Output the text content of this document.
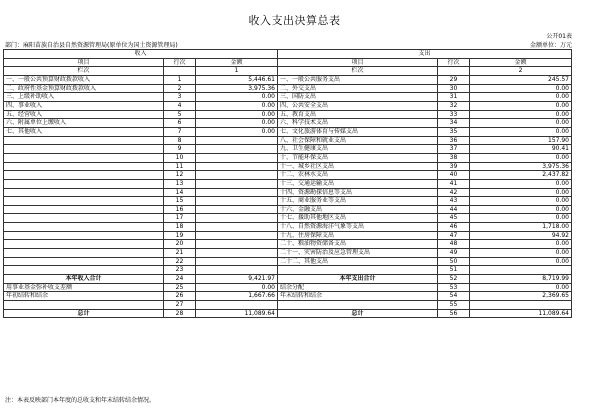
收入支出决算总表
公开01表
部门：麻阳苗族自治县自然资源管理局(原单位为国土资源管理局)	金额单位：万元
收入			支出		
项目	行次	金额	项目	行次	金额
栏次		1	栏次		2
一、一般公共预算财政拨款收入	1	5,446.61	一、一般公共服务支出	29	245.57
二、政府性基金预算财政拨款收入	2	3,975.36	二、外交支出	30	0.00
三、上级补助收入	3	0.00	三、国防支出	31	0.00
四、事业收入	4	0.00	四、公共安全支出	32	0.00
五、经营收入	5	0.00	五、教育支出	33	0.00
六、附属单位上缴收入	6	0.00	六、科学技术支出	34	0.00
七、其他收入	7	0.00	七、文化旅游体育与传媒支出	35	0.00
	8		八、社会保障和就业支出	36	157.90
	9		九、卫生健康支出	37	90.41
	10		十、节能环保支出	38	0.00
	11		十一、城乡社区支出	39	3,975.36
	12		十二、农林水支出	40	2,437.82
	13		十三、交通运输支出	41	0.00
	14		十四、资源勘探信息等支出	42	0.00
	15		十五、商业服务业等支出	43	0.00
	16		十六、金融支出	44	0.00
	17		十七、援助其他地区支出	45	0.00
	18		十八、自然资源海洋气象等支出	46	1,718.00
	19		十九、住房保障支出	47	94.92
	20		二十、粮油物资储备支出	48	0.00
	21		二十一、灾害防治及应急管理支出	49	0.00
	22		二十二、其他支出	50	0.00
	23			51	
本年收入合计	24	9,421.97	本年支出合计	52	8,719.99
用事业基金弥补收支差额	25	0.00	结余分配	53	0.00
年初结转和结余	26	1,667.66	年末结转和结余	54	2,369.65
	27			55	
总计	28	11,089.64	总计	56	11,089.64
注：本表反映部门本年度的总收支和年末结转结余情况。
